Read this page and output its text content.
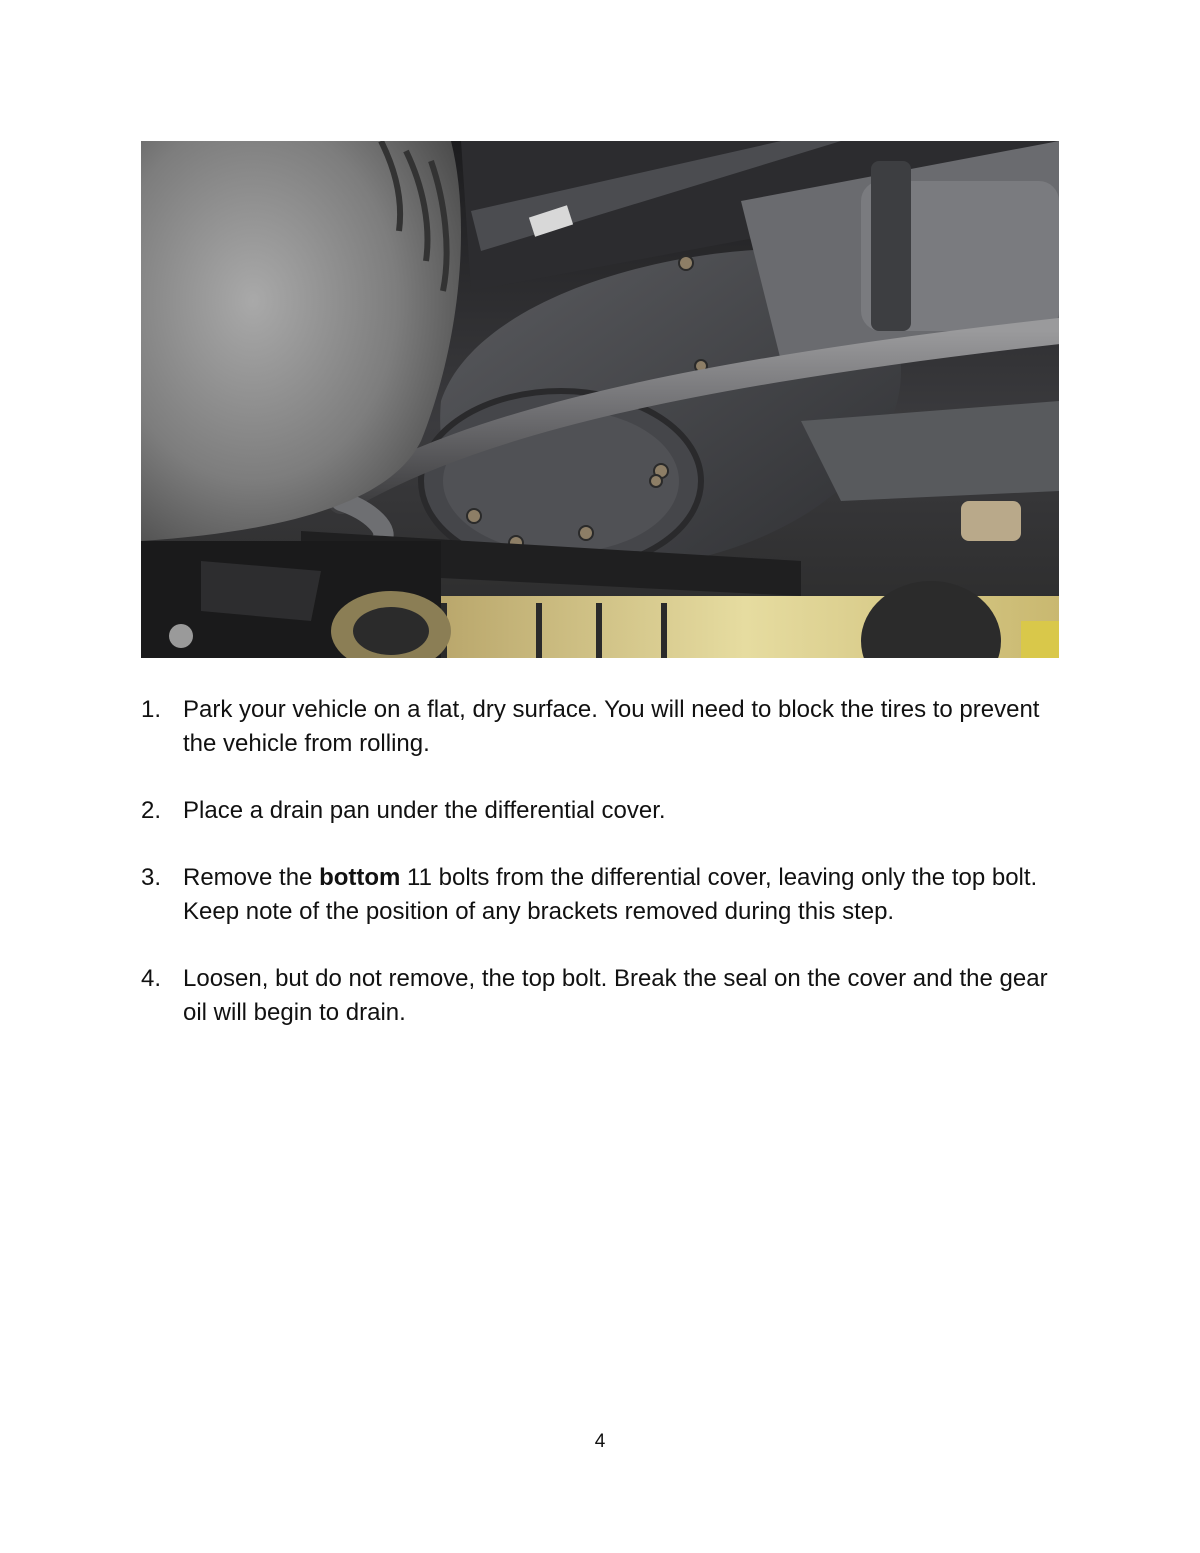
1. Park your vehicle on a flat, dry surface. You will need to block the tires to prevent the vehicle from rolling.
2. Place a drain pan under the differential cover.
3. Remove the bottom 11 bolts from the differential cover, leaving only the top bolt. Keep note of the position of any brackets removed during this step.
4. Loosen, but do not remove, the top bolt. Break the seal on the cover and the gear oil will begin to drain.
4
